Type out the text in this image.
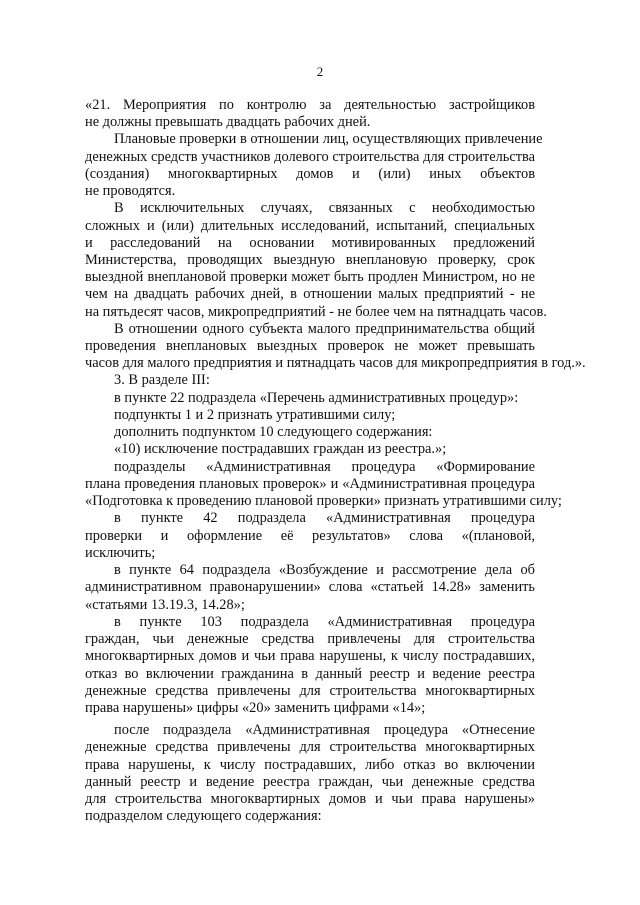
2
«21. Мероприятия по контролю за деятельностью застройщиков
не должны превышать двадцать рабочих дней.
Плановые проверки в отношении лиц, осуществляющих привлечение
денежных средств участников долевого строительства для строительства
(создания) многоквартирных домов и (или) иных объектов
не проводятся.
В исключительных случаях, связанных с необходимостью
сложных и (или) длительных исследований, испытаний, специальных
и расследований на основании мотивированных предложений
Министерства, проводящих выездную внеплановую проверку, срок
выездной внеплановой проверки может быть продлен Министром, но не
чем на двадцать рабочих дней, в отношении малых предприятий - не
на пятьдесят часов, микропредприятий - не более чем на пятнадцать часов.
В отношении одного субъекта малого предпринимательства общий
проведения внеплановых выездных проверок не может превышать
часов для малого предприятия и пятнадцать часов для микропредприятия в год.».
3. В разделе III:
в пункте 22 подраздела «Перечень административных процедур»:
подпункты 1 и 2 признать утратившими силу;
дополнить подпунктом 10 следующего содержания:
«10) исключение пострадавших граждан из реестра.»;
подразделы «Административная процедура «Формирование
плана проведения плановых проверок» и «Административная процедура
«Подготовка к проведению плановой проверки» признать утратившими силу;
в пункте 42 подраздела «Административная процедура
проверки и оформление её результатов» слова «(плановой,
исключить;
в пункте 64 подраздела «Возбуждение и рассмотрение дела об
административном правонарушении» слова «статьей 14.28» заменить
«статьями 13.19.3, 14.28»;
в пункте 103 подраздела «Административная процедура
граждан, чьи денежные средства привлечены для строительства
многоквартирных домов и чьи права нарушены, к числу пострадавших,
отказ во включении гражданина в данный реестр и ведение реестра
денежные средства привлечены для строительства многоквартирных
права нарушены» цифры «20» заменить цифрами «14»;
после подраздела «Административная процедура «Отнесение
денежные средства привлечены для строительства многоквартирных
права нарушены, к числу пострадавших, либо отказ во включении
данный реестр и ведение реестра граждан, чьи денежные средства
для строительства многоквартирных домов и чьи права нарушены»
подразделом следующего содержания:
